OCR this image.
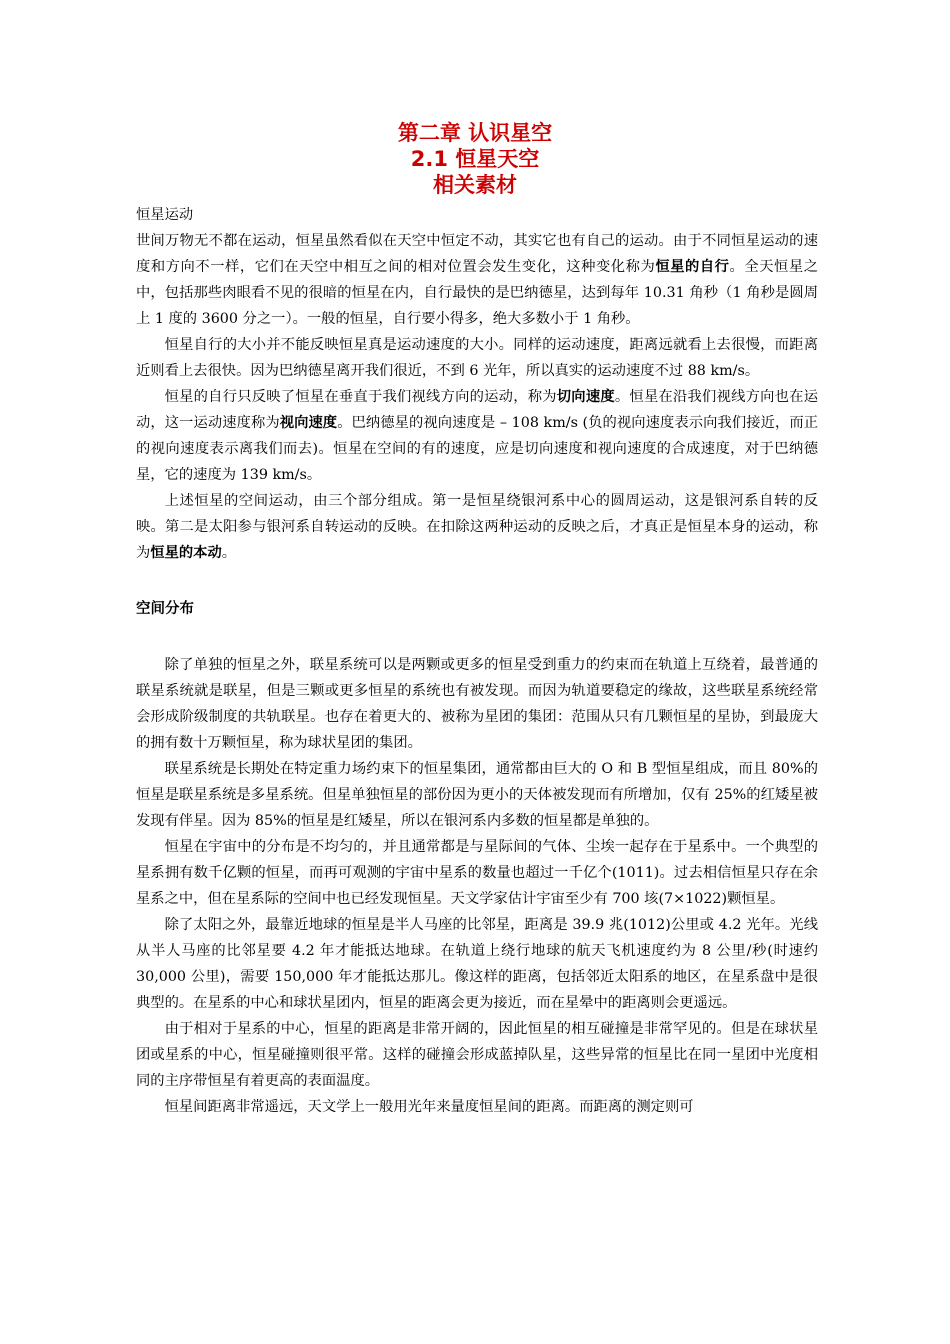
第二章 认识星空
2.1 恒星天空
相关素材
恒星运动

世间万物无不都在运动，恒星虽然看似在天空中恒定不动，其实它也有自己的运动。由于不同恒星运动的速度和方向不一样，它们在天空中相互之间的相对位置会发生变化，这种变化称为恒星的自行。全天恒星之中，包括那些肉眼看不见的很暗的恒星在内，自行最快的是巴纳德星，达到每年 10.31 角秒（1 角秒是圆周上 1 度的 3600 分之一）。一般的恒星，自行要小得多，绝大多数小于 1 角秒。

恒星自行的大小并不能反映恒星真是运动速度的大小。同样的运动速度，距离远就看上去很慢，而距离近则看上去很快。因为巴纳德星离开我们很近，不到 6 光年，所以真实的运动速度不过 88 km/s。

恒星的自行只反映了恒星在垂直于我们视线方向的运动，称为切向速度。恒星在沿我们视线方向也在运动，这一运动速度称为视向速度。巴纳德星的视向速度是 – 108 km/s (负的视向速度表示向我们接近，而正的视向速度表示离我们而去)。恒星在空间的有的速度，应是切向速度和视向速度的合成速度，对于巴纳德星，它的速度为 139 km/s。

上述恒星的空间运动，由三个部分组成。第一是恒星绕银河系中心的圆周运动，这是银河系自转的反映。第二是太阳参与银河系自转运动的反映。在扣除这两种运动的反映之后，才真正是恒星本身的运动，称为恒星的本动。

空间分布

除了单独的恒星之外，联星系统可以是两颗或更多的恒星受到重力的约束而在轨道上互绕着，最普通的联星系统就是联星，但是三颗或更多恒星的系统也有被发现。而因为轨道要稳定的缘故，这些联星系统经常会形成阶级制度的共轨联星。也存在着更大的、被称为星团的集团：范围从只有几颗恒星的星协，到最庞大的拥有数十万颗恒星，称为球状星团的集团。

联星系统是长期处在特定重力场约束下的恒星集团，通常都由巨大的 O 和 B 型恒星组成，而且 80%的恒星是联星系统是多星系统。但星单独恒星的部份因为更小的天体被发现而有所增加，仅有 25%的红矮星被发现有伴星。因为 85%的恒星是红矮星，所以在银河系内多数的恒星都是单独的。

恒星在宇宙中的分布是不均匀的，并且通常都是与星际间的气体、尘埃一起存在于星系中。一个典型的星系拥有数千亿颗的恒星，而再可观测的宇宙中星系的数量也超过一千亿个(1011)。过去相信恒星只存在余星系之中，但在星系际的空间中也已经发现恒星。天文学家估计宇宙至少有 700 垓(7×1022)颗恒星。

除了太阳之外，最靠近地球的恒星是半人马座的比邻星，距离是 39.9 兆(1012)公里或 4.2 光年。光线从半人马座的比邻星要 4.2 年才能抵达地球。在轨道上绕行地球的航天飞机速度约为 8 公里/秒(时速约 30,000 公里)，需要 150,000 年才能抵达那儿。像这样的距离，包括邻近太阳系的地区，在星系盘中是很典型的。在星系的中心和球状星团内，恒星的距离会更为接近，而在星晕中的距离则会更遥远。

由于相对于星系的中心，恒星的距离是非常开阔的，因此恒星的相互碰撞是非常罕见的。但是在球状星团或星系的中心，恒星碰撞则很平常。这样的碰撞会形成蓝掉队星，这些异常的恒星比在同一星团中光度相同的主序带恒星有着更高的表面温度。

恒星间距离非常遥远，天文学上一般用光年来量度恒星间的距离。而距离的测定则可
